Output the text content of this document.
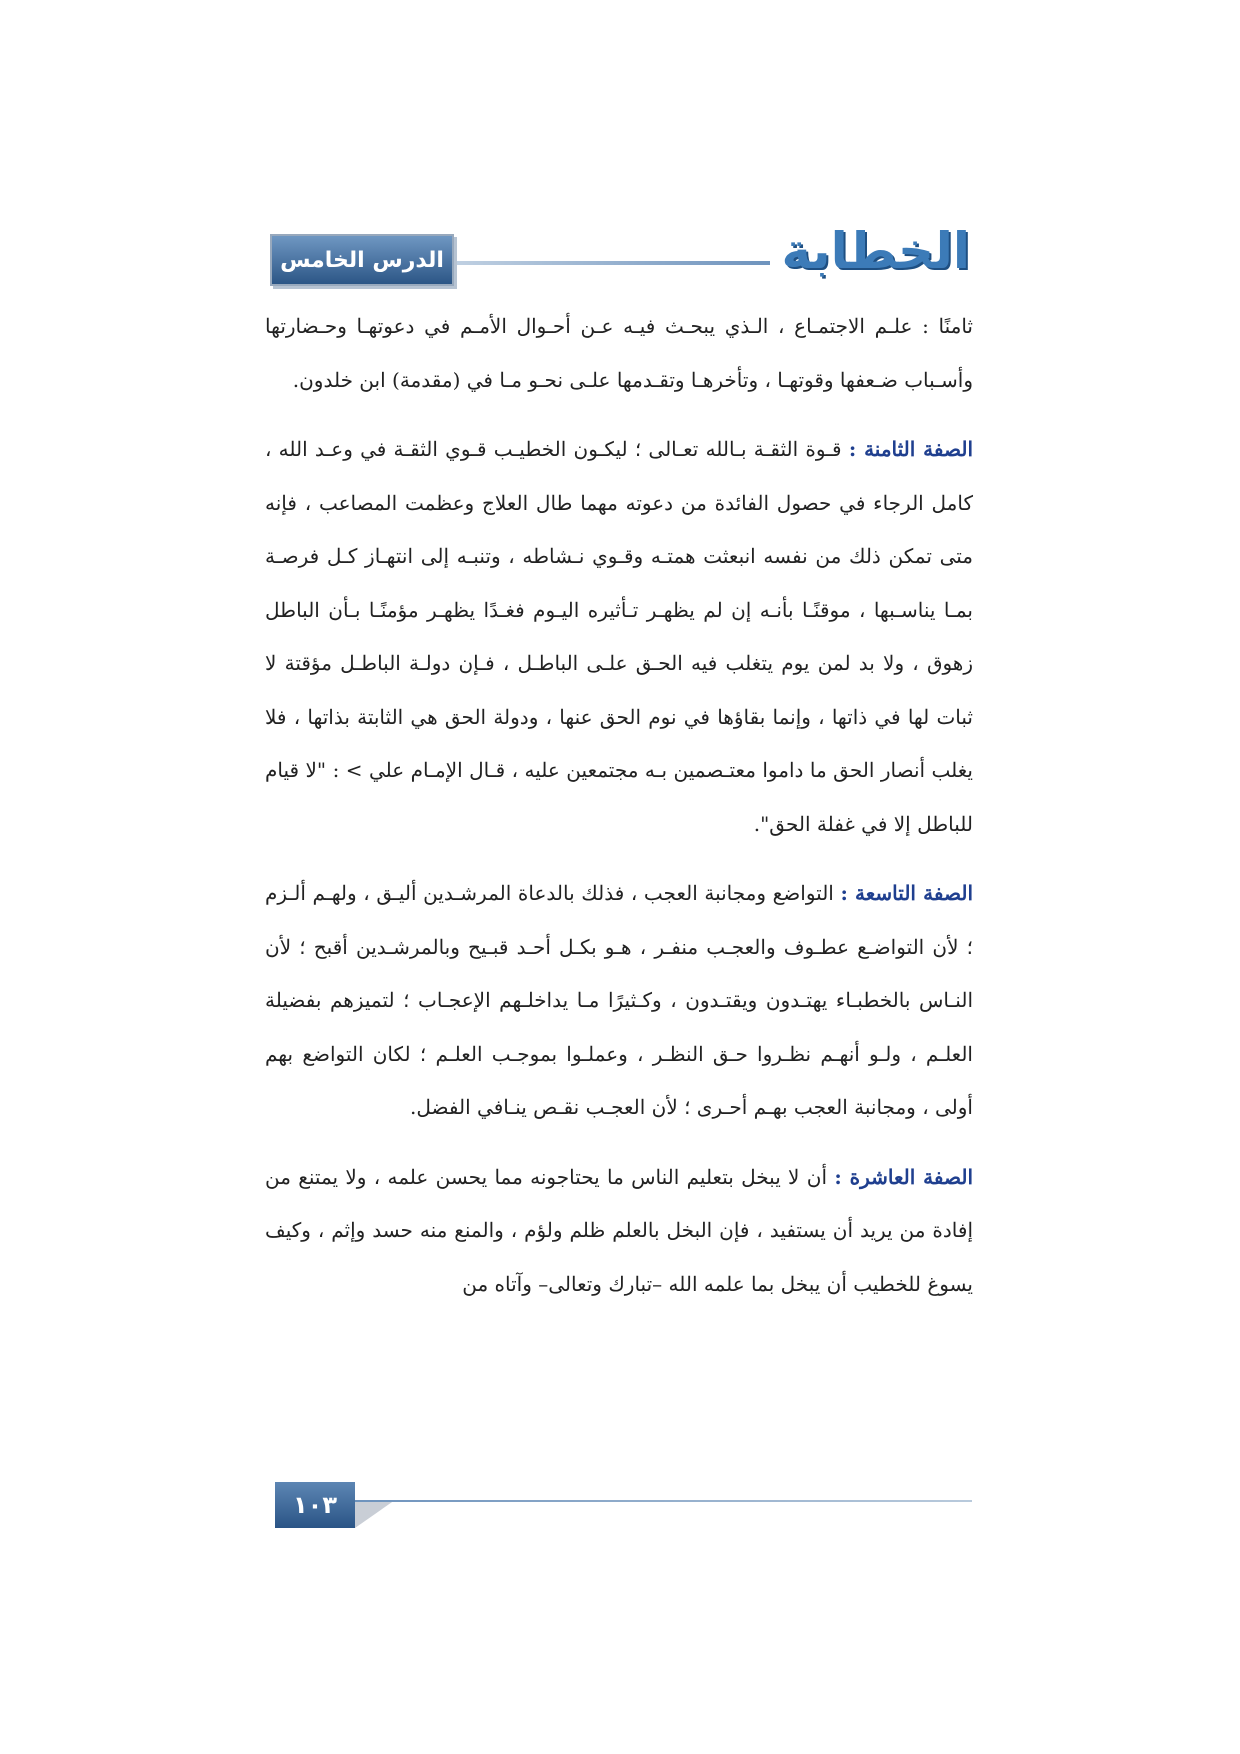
الخطابة
الدرس الخامس

ثامنًا : علـم الاجتمـاع ، الـذي يبحـث فيـه عـن أحـوال الأمـم في دعوتهـا وحـضارتها وأسـباب ضـعفها وقوتهـا ، وتأخرهـا وتقـدمها علـى نحـو مـا في (مقدمة) ابن خلدون.

الصفة الثامنة : قـوة الثقـة بـالله تعـالى ؛ ليكـون الخطيـب قـوي الثقـة في وعـد الله ، كامل الرجاء في حصول الفائدة من دعوته مهما طال العلاج وعظمت المصاعب ، فإنه متى تمكن ذلك من نفسه انبعثت همتـه وقـوي نـشاطه ، وتنبـه إلى انتهـاز كـل فرصـة بمـا يناسـبها ، موقنًـا بأنـه إن لم يظهـر تـأثيره اليـوم فغـدًا يظهـر مؤمنًـا بـأن الباطل زهوق ، ولا بد لمن يوم يتغلب فيه الحـق علـى الباطـل ، فـإن دولـة الباطـل مؤقتة لا ثبات لها في ذاتها ، وإنما بقاؤها في نوم الحق عنها ، ودولة الحق هي الثابتة بذاتها ، فلا يغلب أنصار الحق ما داموا معتـصمين بـه مجتمعين عليه ، قـال الإمـام علي > : "لا قيام للباطل إلا في غفلة الحق".

الصفة التاسعة : التواضع ومجانبة العجب ، فذلك بالدعاة المرشـدين أليـق ، ولهـم ألـزم ؛ لأن التواضـع عطـوف والعجـب منفـر ، هـو بكـل أحـد قبـيح وبالمرشـدين أقبح ؛ لأن النـاس بالخطبـاء يهتـدون ويقتـدون ، وكـثيرًا مـا يداخلـهم الإعجـاب ؛ لتميزهم بفضيلة العلـم ، ولـو أنهـم نظـروا حـق النظـر ، وعملـوا بموجـب العلـم ؛ لكان التواضع بهم أولى ، ومجانبة العجب بهـم أحـرى ؛ لأن العجـب نقـص ينـافي الفضل.

الصفة العاشرة : أن لا يبخل بتعليم الناس ما يحتاجونه مما يحسن علمه ، ولا يمتنع من إفادة من يريد أن يستفيد ، فإن البخل بالعلم ظلم ولؤم ، والمنع منه حسد وإثم ، وكيف يسوغ للخطيب أن يبخل بما علمه الله –تبارك وتعالى– وآتاه من

١٠٣
